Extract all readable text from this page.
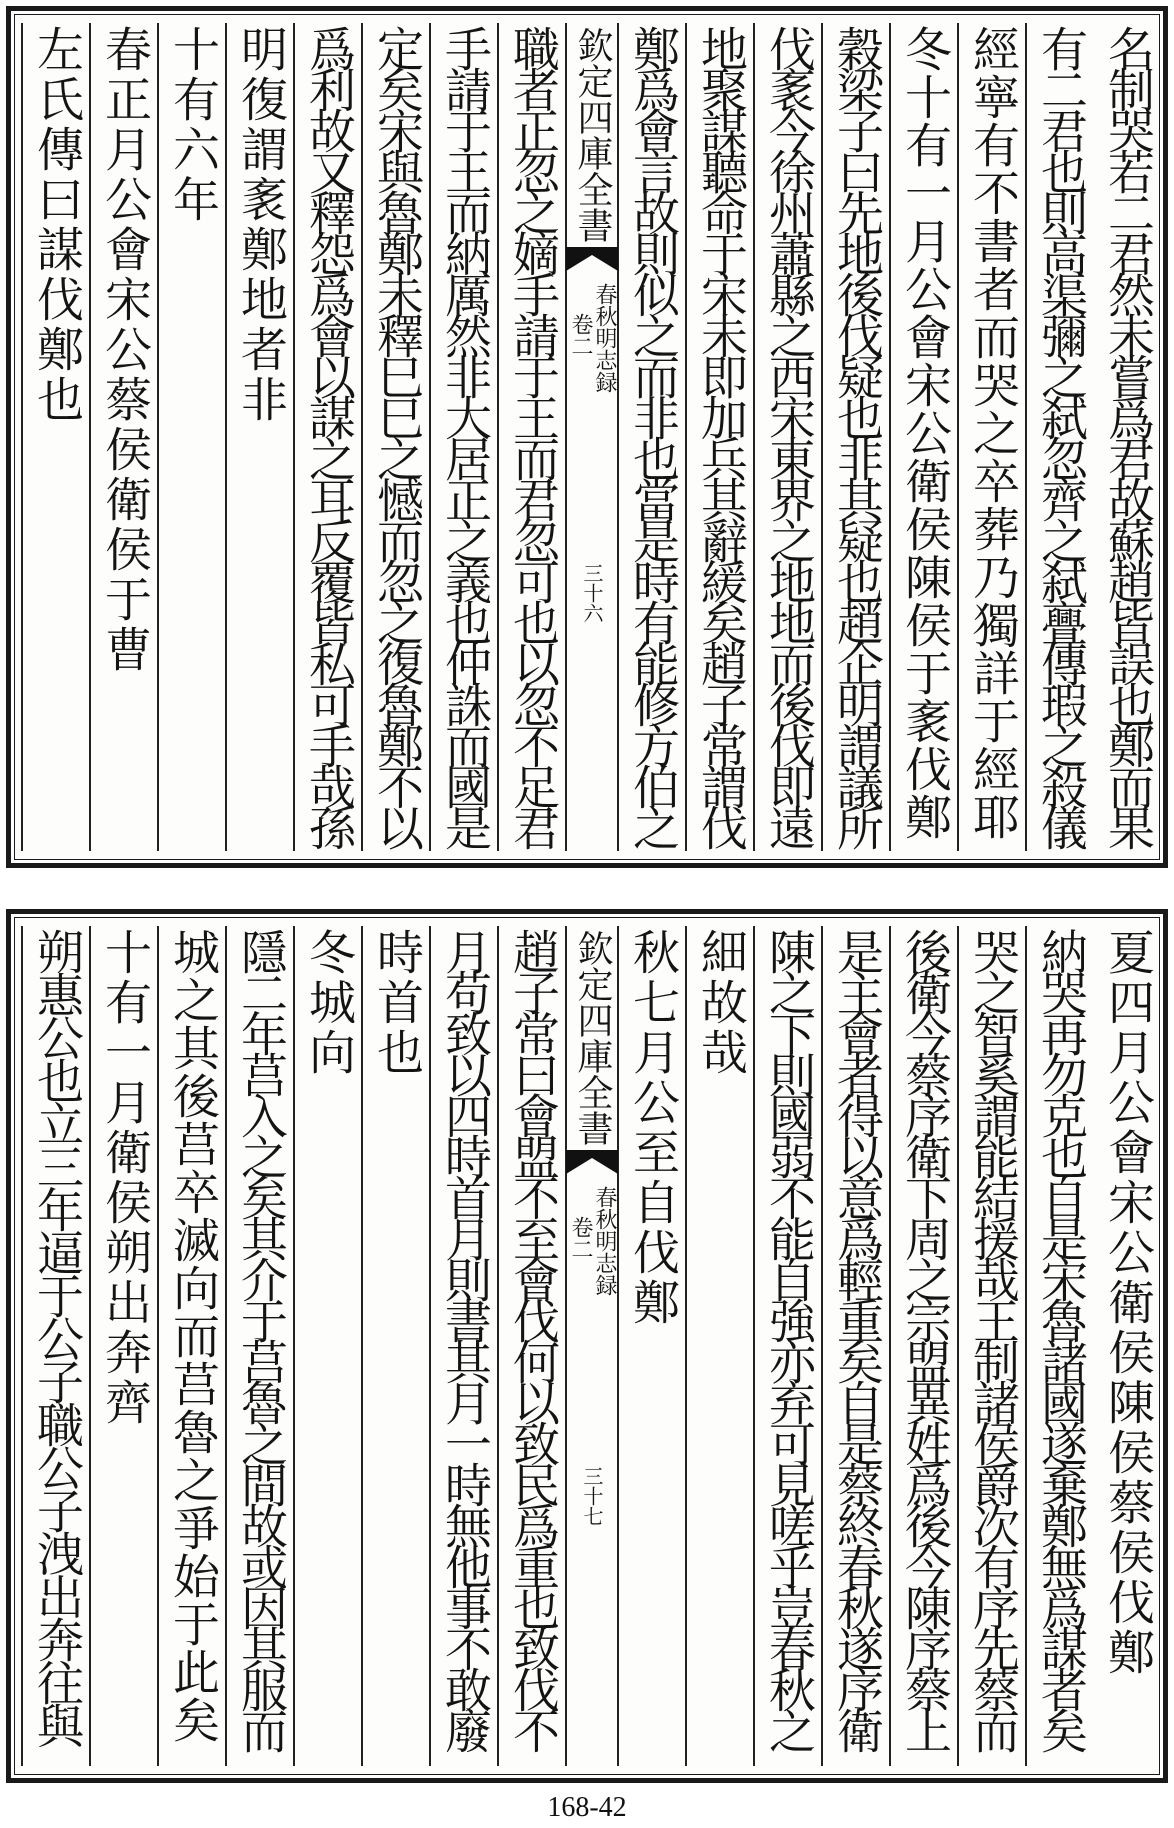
名制哭若二君然未嘗爲君故蘇趙皆誤也鄭而果
有二君也則高渠彌之弑忽齊之弑亹傳瑕之殺儀
經寧有不書者而哭之卒葬乃獨詳于經耶
冬十有一月公會宋公衛侯陳侯于袲伐鄭
穀梁子曰先地後伐疑也非其疑也趙企明謂議所
伐袲今徐州蕭縣之西宋東界之地地而後伐即遠
地聚謀聽命于宋未即加兵其辭緩矣趙子常謂伐
鄭爲會言故則似之而非也當是時有能修方伯之
欽定四庫全書
春秋明志録
卷二
三十六
職者正忽之嫡手請于王而君忽可也以忽不足君
手請于王而納厲然非大居正之義也仲誅而國是
定矣宋與魯鄭未釋巳巳之憾而忽之復魯鄭不以
爲利故又釋怨爲會以謀之耳反覆皆私可手哉孫
明復謂袲鄭地者非
十有六年
春正月公會宋公蔡侯衛侯于曹
左氏傳曰謀伐鄭也
夏四月公會宋公衛侯陳侯蔡侯伐鄭
納哭再勿克也自是宋魯諸國遂棄鄭無爲謀者矣
哭之智奚謂能結援哉王制諸侯爵次有序先蔡而
後衛今蔡序衛下周之宗盟異姓爲後今陳序蔡上
是主會者得以意爲輕重矣自是蔡終春秋遂序衛
陳之下則國弱不能自強亦弃可見嗟乎豈春秋之
細故哉
秋七月公至自伐鄭
欽定四庫全書
春秋明志録
卷二
三十七
趙子常曰會盟不至會伐何以致民爲重也致伐不
月苟致以四時首月則書其月一時無他事不敢廢
時首也
冬城向
隱二年莒入之矣其介于莒魯之間故或因其服而
城之其後莒卒滅向而莒魯之爭始于此矣
十有一月衛侯朔出奔齊
朔惠公也立三年逼于公子職公子洩出奔往與
168-42
